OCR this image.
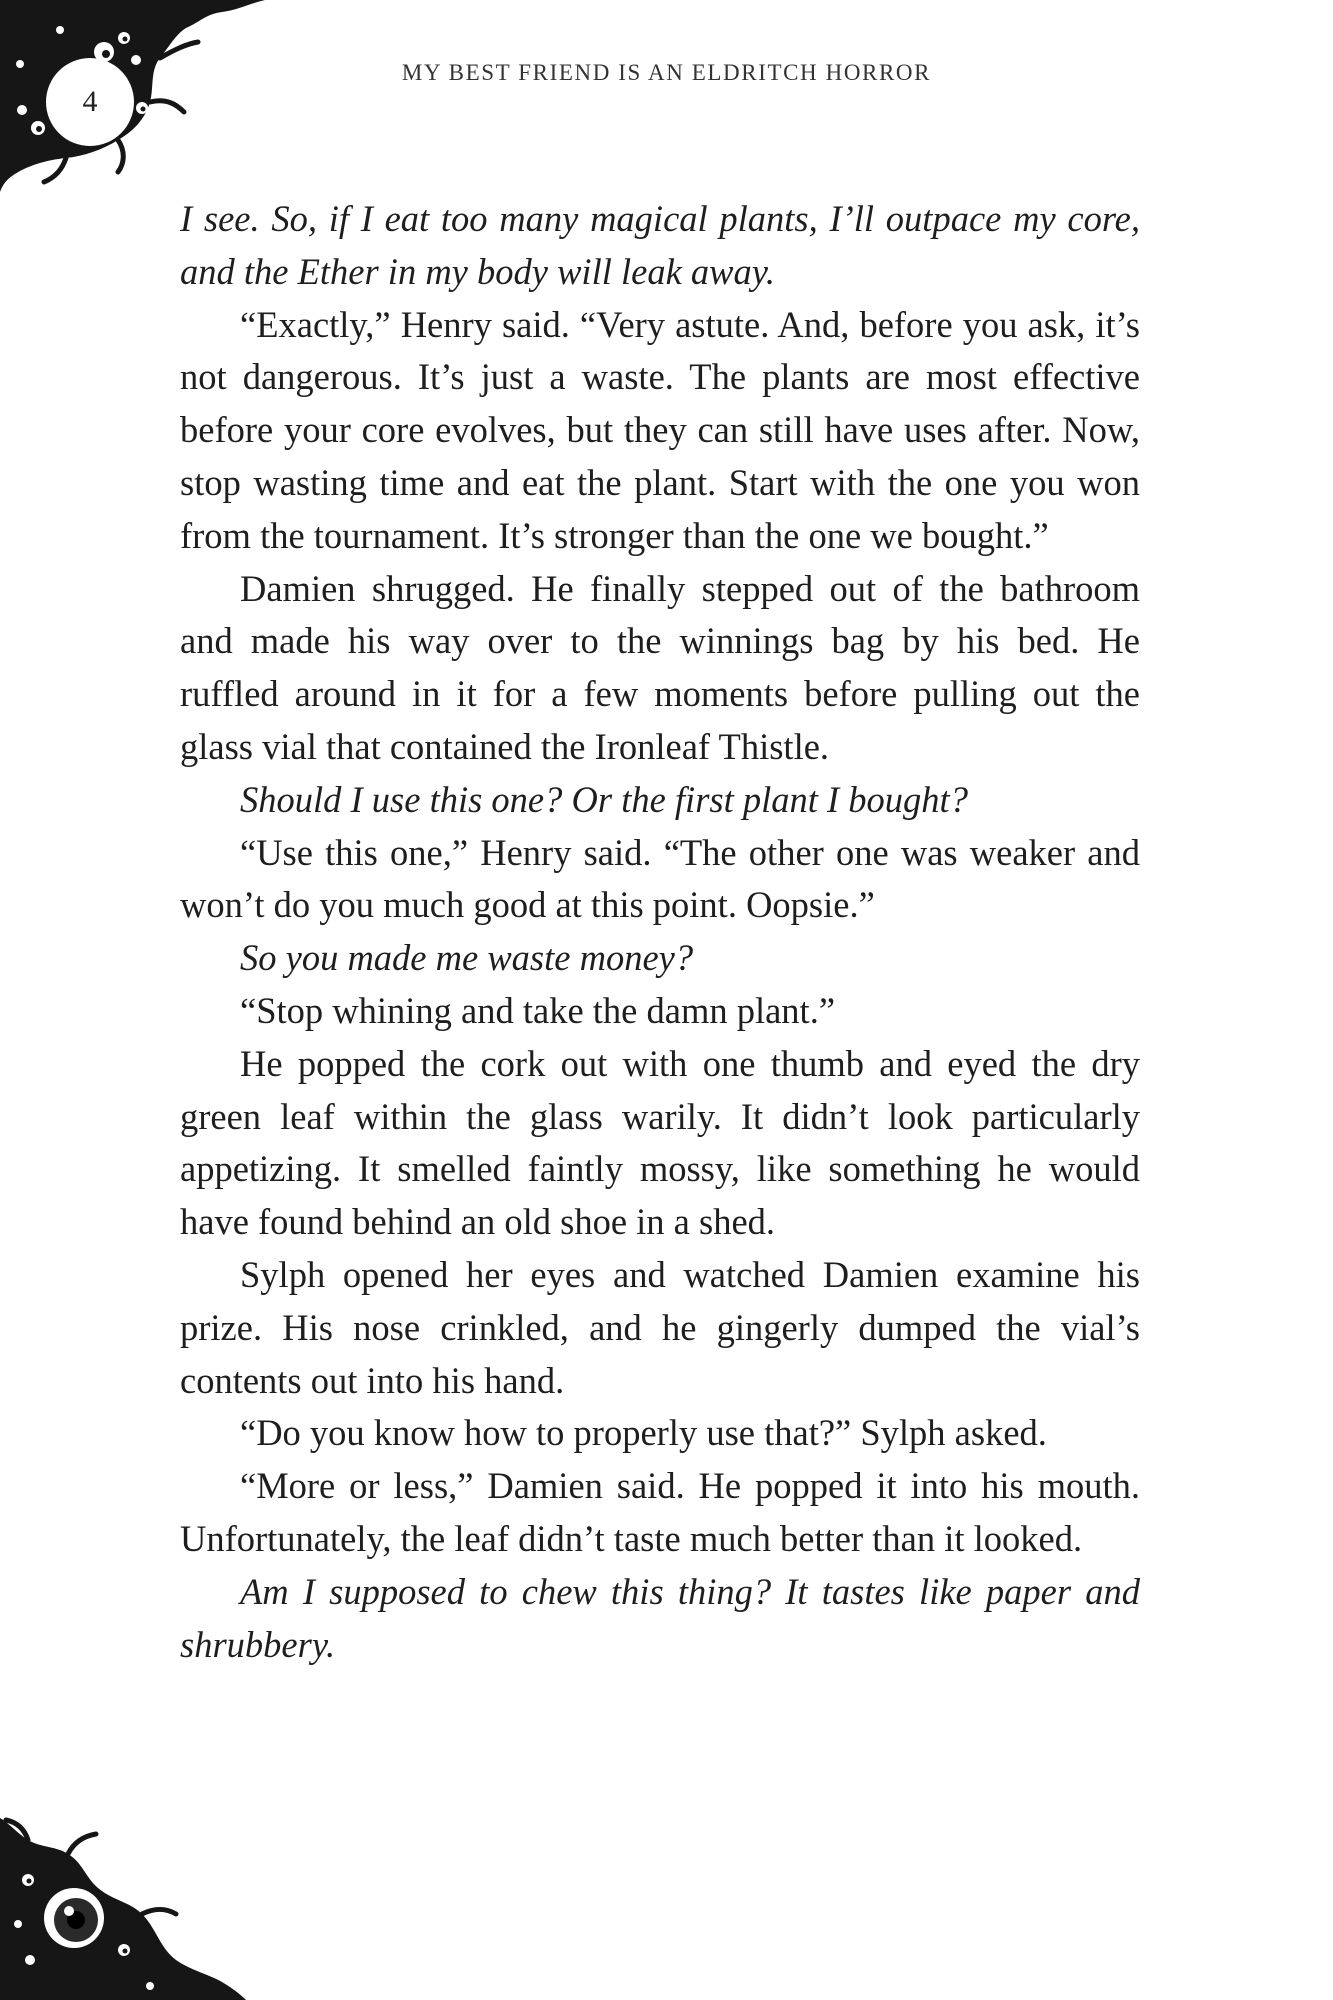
4
MY BEST FRIEND IS AN ELDRITCH HORROR

I see. So, if I eat too many magical plants, I’ll outpace my core, and the Ether in my body will leak away.

“Exactly,” Henry said. “Very astute. And, before you ask, it’s not dangerous. It’s just a waste. The plants are most effective before your core evolves, but they can still have uses after. Now, stop wasting time and eat the plant. Start with the one you won from the tournament. It’s stronger than the one we bought.”

Damien shrugged. He finally stepped out of the bathroom and made his way over to the winnings bag by his bed. He ruffled around in it for a few moments before pulling out the glass vial that contained the Ironleaf Thistle.

Should I use this one? Or the first plant I bought?

“Use this one,” Henry said. “The other one was weaker and won’t do you much good at this point. Oopsie.”

So you made me waste money?

“Stop whining and take the damn plant.”

He popped the cork out with one thumb and eyed the dry green leaf within the glass warily. It didn’t look particularly appetizing. It smelled faintly mossy, like something he would have found behind an old shoe in a shed.

Sylph opened her eyes and watched Damien examine his prize. His nose crinkled, and he gingerly dumped the vial’s contents out into his hand.

“Do you know how to properly use that?” Sylph asked.

“More or less,” Damien said. He popped it into his mouth. Unfortunately, the leaf didn’t taste much better than it looked.

Am I supposed to chew this thing? It tastes like paper and shrubbery.
